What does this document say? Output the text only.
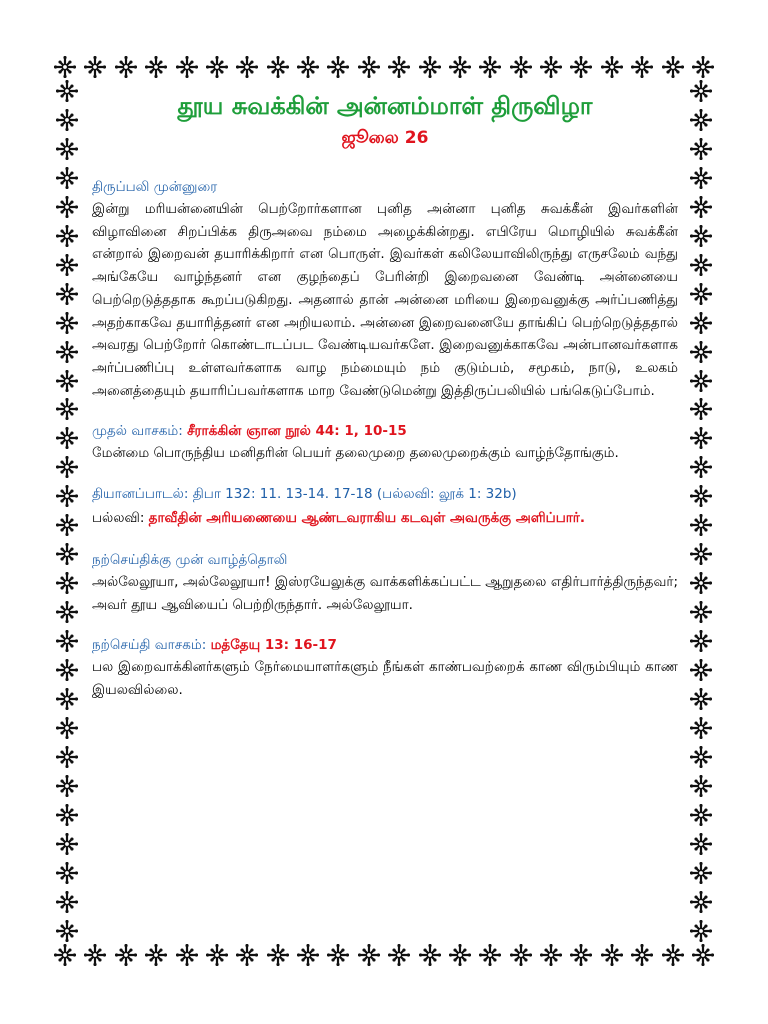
தூய சுவக்கின் அன்னம்மாள் திருவிழா

ஜூலை 26

திருப்பலி முன்னுரை

இன்று மரியன்னையின் பெற்றோர்களான புனித அன்னா புனித சுவக்கீன் இவர்களின் விழாவினை சிறப்பிக்க திருஅவை நம்மை அழைக்கின்றது. எபிரேய மொழியில் சுவக்கீன் என்றால் இறைவன் தயாரிக்கிறார் என பொருள். இவர்கள் கலிலேயாவிலிருந்து எருசலேம் வந்து அங்கேயே வாழ்ந்தனர் என குழந்தைப் பேரின்றி இறைவனை வேண்டி அன்னையை பெற்றெடுத்ததாக கூறப்படுகிறது. அதனால் தான் அன்னை மரியை இறைவனுக்கு அர்ப்பணித்து அதற்காகவே தயாரித்தனர் என அறியலாம். அன்னை இறைவனையே தாங்கிப் பெற்றெடுத்ததால் அவரது பெற்றோர் கொண்டாடப்பட வேண்டியவர்களே. இறைவனுக்காகவே அன்பானவர்களாக அர்ப்பணிப்பு உள்ளவர்களாக வாழ நம்மையும் நம் குடும்பம், சமூகம், நாடு, உலகம் அனைத்தையும் தயாரிப்பவர்களாக மாற வேண்டுமென்று இத்திருப்பலியில் பங்கெடுப்போம்.

முதல் வாசகம்: சீராக்கின் ஞான நூல் 44: 1, 10-15

மேன்மை பொருந்திய மனிதரின் பெயர் தலைமுறை தலைமுறைக்கும் வாழ்ந்தோங்கும்.

தியானப்பாடல்: திபா 132: 11. 13-14. 17-18 (பல்லவி: லூக் 1: 32b)

பல்லவி: தாவீதின் அரியணையை ஆண்டவராகிய கடவுள் அவருக்கு அளிப்பார்.

நற்செய்திக்கு முன் வாழ்த்தொலி

அல்லேலூயா, அல்லேலூயா! இஸ்ரயேலுக்கு வாக்களிக்கப்பட்ட ஆறுதலை எதிர்பார்த்திருந்தவர்; அவர் தூய ஆவியைப் பெற்றிருந்தார். அல்லேலூயா.

நற்செய்தி வாசகம்: மத்தேயு 13: 16-17

பல இறைவாக்கினர்களும் நேர்மையாளர்களும் நீங்கள் காண்பவற்றைக் காண விரும்பியும் காண இயலவில்லை.
